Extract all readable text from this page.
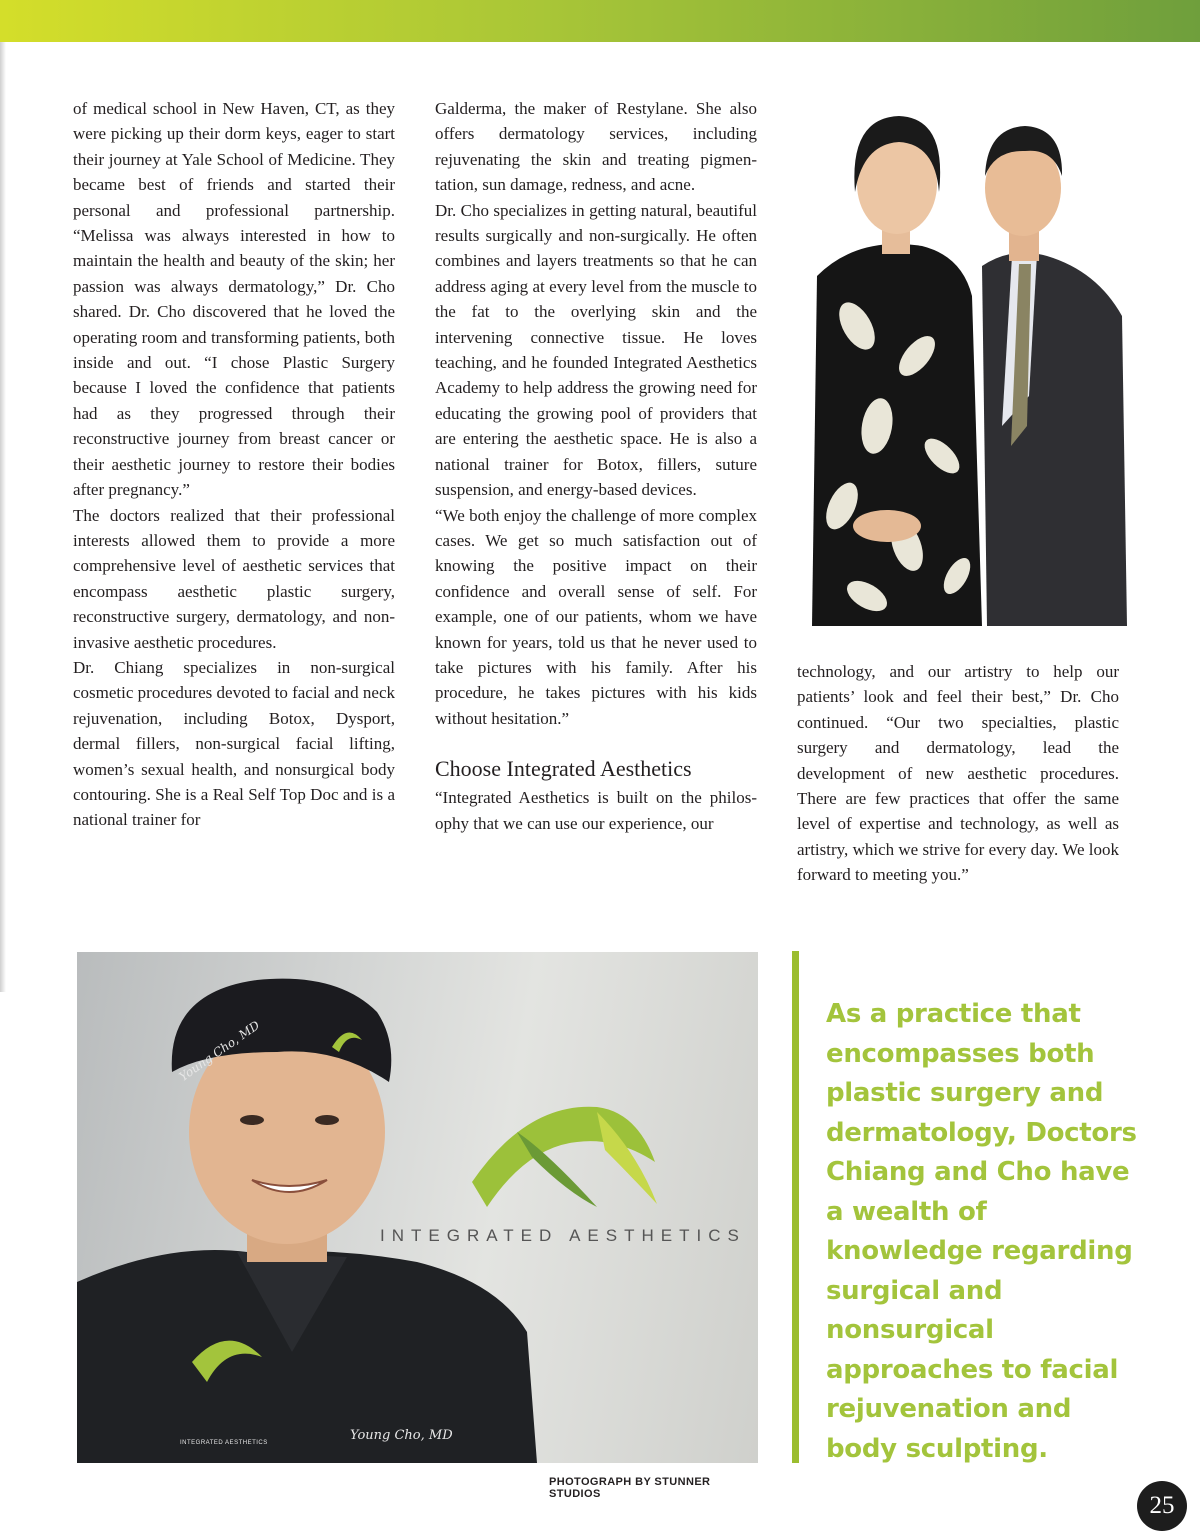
of medical school in New Haven, CT, as they were picking up their dorm keys, eager to start their journey at Yale School of Medicine. They became best of friends and started their personal and professional partnership. “Melissa was always interested in how to maintain the health and beauty of the skin; her passion was always dermatology,” Dr. Cho shared. Dr. Cho discovered that he loved the operating room and transforming patients, both inside and out. “I chose Plastic Surgery because I loved the confidence that patients had as they progressed through their reconstructive journey from breast cancer or their aesthetic journey to restore their bodies after pregnancy.”

The doctors realized that their professional interests allowed them to provide a more comprehensive level of aesthetic services that encompass aesthetic plastic surgery, reconstructive surgery, dermatology, and non-invasive aesthetic procedures.

Dr. Chiang specializes in non-surgical cosmetic procedures devoted to facial and neck rejuvenation, including Botox, Dysport, dermal fillers, non-surgical facial lifting, women’s sexual health, and nonsurgical body contouring. She is a Real Self Top Doc and is a national trainer for

Galderma, the maker of Restylane. She also offers dermatology services, including rejuvenating the skin and treating pigmentation, sun damage, redness, and acne.

Dr. Cho specializes in getting natural, beautiful results surgically and non-surgically. He often combines and layers treatments so that he can address aging at every level from the muscle to the fat to the overlying skin and the intervening connective tissue. He loves teaching, and he founded Integrated Aesthetics Academy to help address the growing need for educating the growing pool of providers that are entering the aesthetic space. He is also a national trainer for Botox, fillers, suture suspension, and energy-based devices.

“We both enjoy the challenge of more complex cases. We get so much satisfaction out of knowing the positive impact on their confidence and overall sense of self. For example, one of our patients, whom we have known for years, told us that he never used to take pictures with his family. After his procedure, he takes pictures with his kids without hesitation.”

Choose Integrated Aesthetics

“Integrated Aesthetics is built on the philosophy that we can use our experience, our

technology, and our artistry to help our patients’ look and feel their best,” Dr. Cho continued. “Our two specialties, plastic surgery and dermatology, lead the development of new aesthetic procedures. There are few practices that offer the same level of expertise and technology, as well as artistry, which we strive for every day. We look forward to meeting you.”

INTEGRATED AESTHETICS
Young Cho, MD
Young Cho, MD
INTEGRATED AESTHETICS
PHOTOGRAPH BY STUNNER STUDIOS
As a practice that encompasses both plastic surgery and dermatology, Doctors Chiang and Cho have a wealth of knowledge regarding surgical and nonsurgical approaches to facial rejuvenation and body sculpting.
25
